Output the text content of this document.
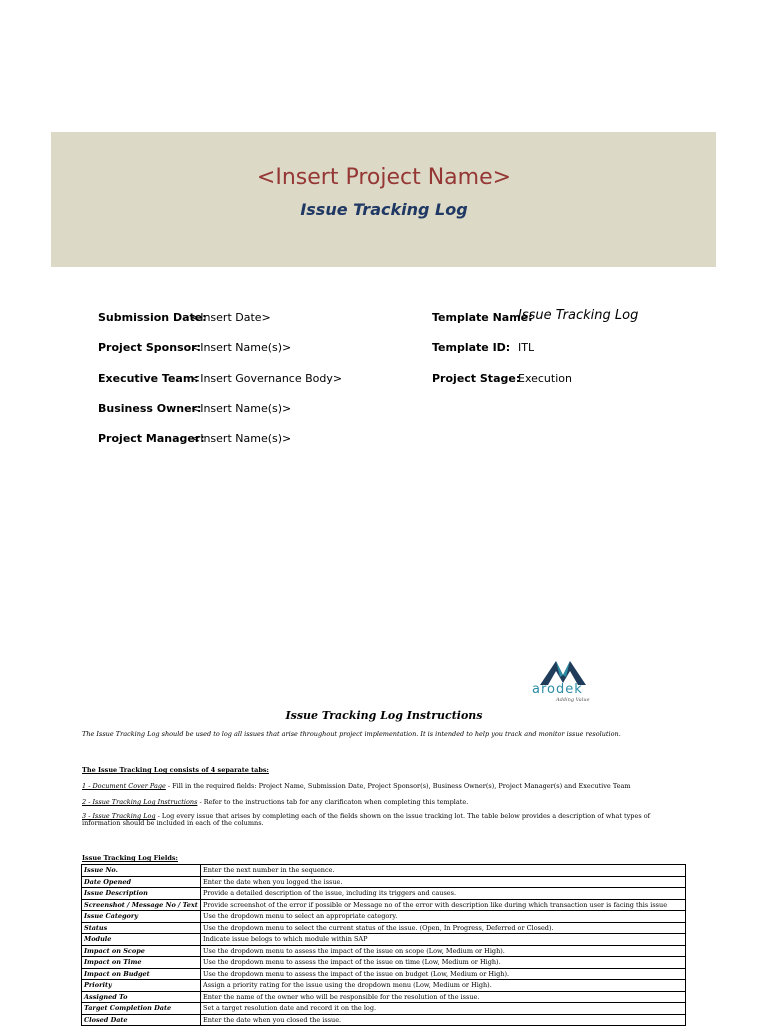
<Insert Project Name>
Issue Tracking Log
Submission Date:
<Insert Date>
Project Sponsor:
<Insert Name(s)>
Executive Team:
<Insert Governance Body>
Business Owner:
<Insert Name(s)>
Project Manager:
<Insert Name(s)>
Template Name:
Issue Tracking Log
Template ID: ITL
Project Stage:
Execution
arodek
Adding Value
Issue Tracking Log Instructions
The Issue Tracking Log should be used to log all issues that arise throughout project implementation. It is intended to help you track and monitor issue resolution.
The Issue Tracking Log consists of 4 separate tabs:
1 - Document Cover Page - Fill in the required fields: Project Name, Submission Date, Project Sponsor(s), Business Owner(s), Project Manager(s) and Executive Team
2 - Issue Tracking Log Instructions - Refer to the instructions tab for any clarificaton when completing this template.
3 - Issue Tracking Log - Log every issue that arises by completing each of the fields shown on the issue tracking lot. The table below provides a description of what types of information should be included in each of the columns.
Issue Tracking Log Fields:
Issue No.	Enter the next number in the sequence.
Date Opened	Enter the date when you logged the issue.
Issue Description	Provide a detailed description of the issue, including its triggers and causes.
Screenshot / Message No / Text	Provide screenshot of the error if possible or Message no of the error with description like during which transaction user is facing this issue
Issue Category	Use the dropdown menu to select an appropriate category.
Status	Use the dropdown menu to select the current status of the issue. (Open, In Progress, Deferred or Closed).
Module	Indicate issue belogs to which module within SAP
Impact on Scope	Use the dropdown menu to assess the impact of the issue on scope (Low, Medium or High).
Impact on Time	Use the dropdown menu to assess the impact of the issue on time (Low, Medium or High).
Impact on Budget	Use the dropdown menu to assess the impact of the issue on budget (Low, Medium or High).
Priority	Assign a priority rating for the issue using the dropdown menu (Low, Medium or High).
Assigned To	Enter the name of the owner who will be responsible for the resolution of the issue.
Target Completion Date	Set a target resolution date and record it on the log.
Closed Date	Enter the date when you closed the issue.
